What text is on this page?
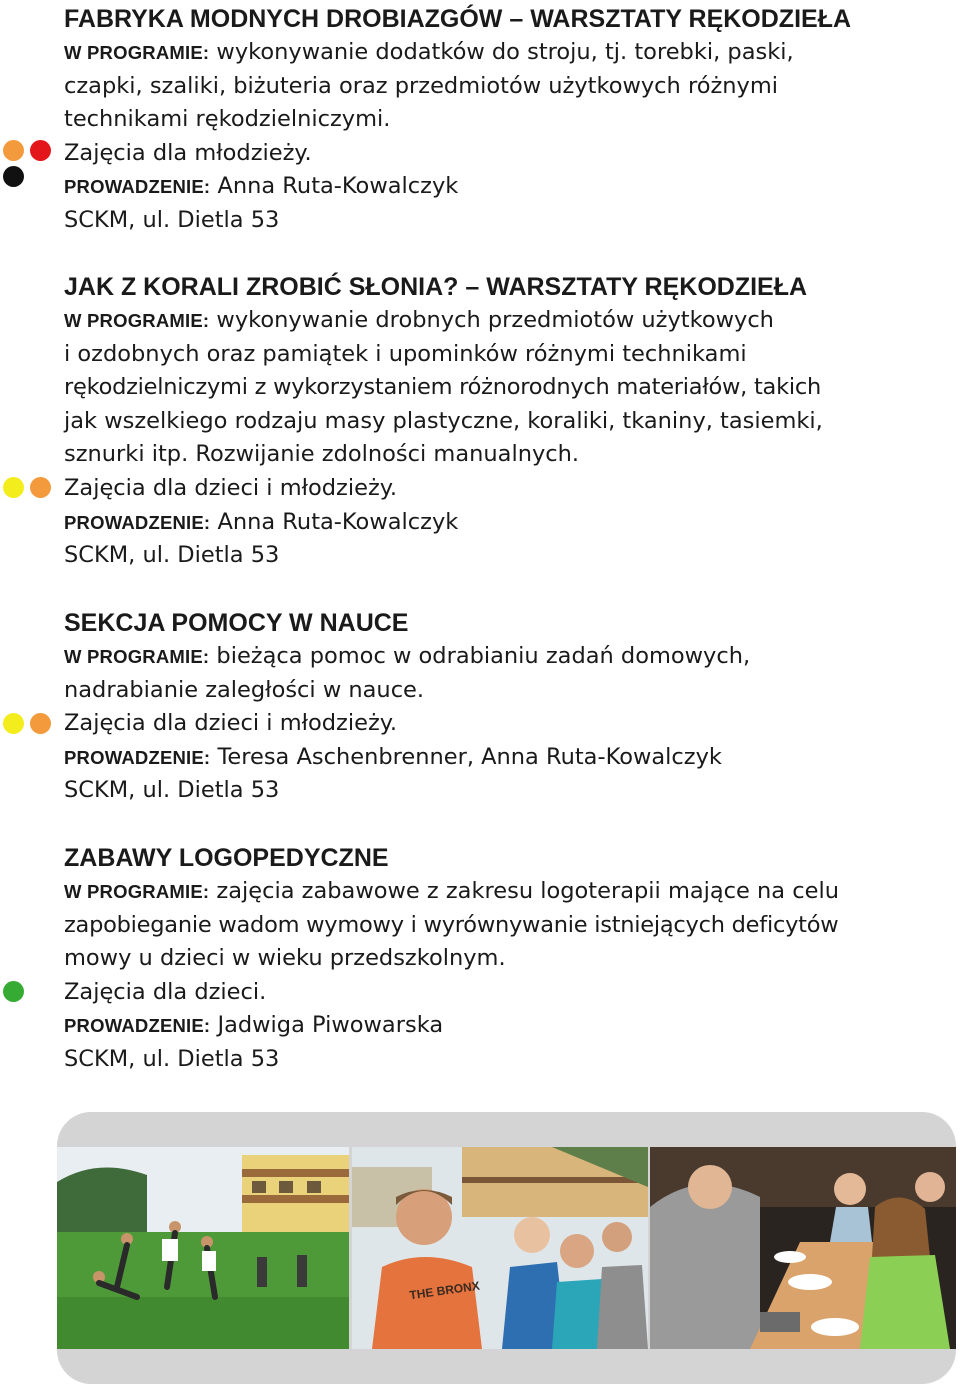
FABRYKA MODNYCH DROBIAZGÓW – WARSZTATY RĘKODZIEŁA

W PROGRAMIE: wykonywanie dodatków do stroju, tj. torebki, paski,

czapki, szaliki, biżuteria oraz przedmiotów użytkowych różnymi

technikami rękodzielniczymi.

Zajęcia dla młodzieży.

PROWADZENIE: Anna Ruta-Kowalczyk

SCKM, ul. Dietla 53

JAK Z KORALI ZROBIĆ SŁONIA? – WARSZTATY RĘKODZIEŁA

W PROGRAMIE: wykonywanie drobnych przedmiotów użytkowych

i ozdobnych oraz pamiątek i upominków różnymi technikami

rękodzielniczymi z wykorzystaniem różnorodnych materiałów, takich

jak wszelkiego rodzaju masy plastyczne, koraliki, tkaniny, tasiemki,

sznurki itp. Rozwijanie zdolności manualnych.

Zajęcia dla dzieci i młodzieży.

PROWADZENIE: Anna Ruta-Kowalczyk

SCKM, ul. Dietla 53

SEKCJA POMOCY W NAUCE

W PROGRAMIE: bieżąca pomoc w odrabianiu zadań domowych,

nadrabianie zaległości w nauce.

Zajęcia dla dzieci i młodzieży.

PROWADZENIE: Teresa Aschenbrenner, Anna Ruta-Kowalczyk

SCKM, ul. Dietla 53

ZABAWY LOGOPEDYCZNE

W PROGRAMIE: zajęcia zabawowe z zakresu logoterapii mające na celu

zapobieganie wadom wymowy i wyrównywanie istniejących deficytów

mowy u dzieci w wieku przedszkolnym.

Zajęcia dla dzieci.

PROWADZENIE: Jadwiga Piwowarska

SCKM, ul. Dietla 53

THE BRONX
